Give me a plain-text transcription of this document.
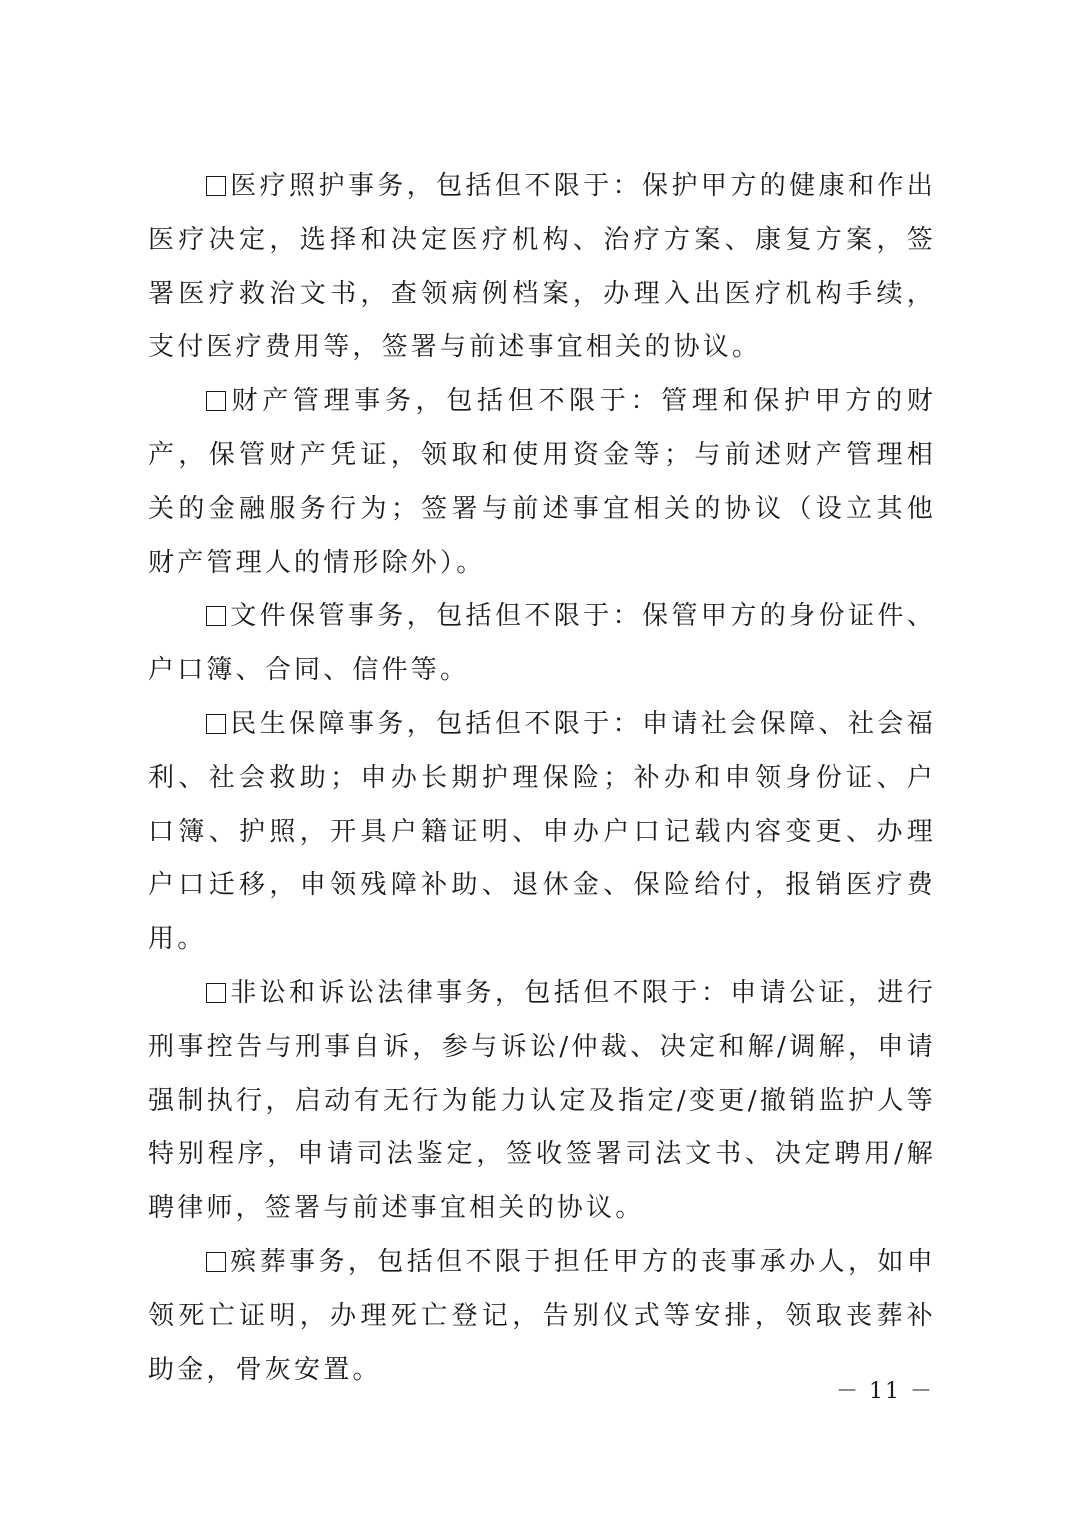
医疗照护事务，包括但不限于：保护甲方的健康和作出医疗决定，选择和决定医疗机构、治疗方案、康复方案，签署医疗救治文书，查领病例档案，办理入出医疗机构手续，支付医疗费用等，签署与前述事宜相关的协议。

财产管理事务，包括但不限于：管理和保护甲方的财产，保管财产凭证，领取和使用资金等；与前述财产管理相关的金融服务行为；签署与前述事宜相关的协议（设立其他财产管理人的情形除外）。

文件保管事务，包括但不限于：保管甲方的身份证件、户口簿、合同、信件等。

民生保障事务，包括但不限于：申请社会保障、社会福利、社会救助；申办长期护理保险；补办和申领身份证、户口簿、护照，开具户籍证明、申办户口记载内容变更、办理户口迁移，申领残障补助、退休金、保险给付，报销医疗费用。

非讼和诉讼法律事务，包括但不限于：申请公证，进行刑事控告与刑事自诉，参与诉讼/仲裁、决定和解/调解，申请强制执行，启动有无行为能力认定及指定/变更/撤销监护人等特别程序，申请司法鉴定，签收签署司法文书、决定聘用/解聘律师，签署与前述事宜相关的协议。

殡葬事务，包括但不限于担任甲方的丧事承办人，如申领死亡证明，办理死亡登记，告别仪式等安排，领取丧葬补助金，骨灰安置。

－ 11 －
